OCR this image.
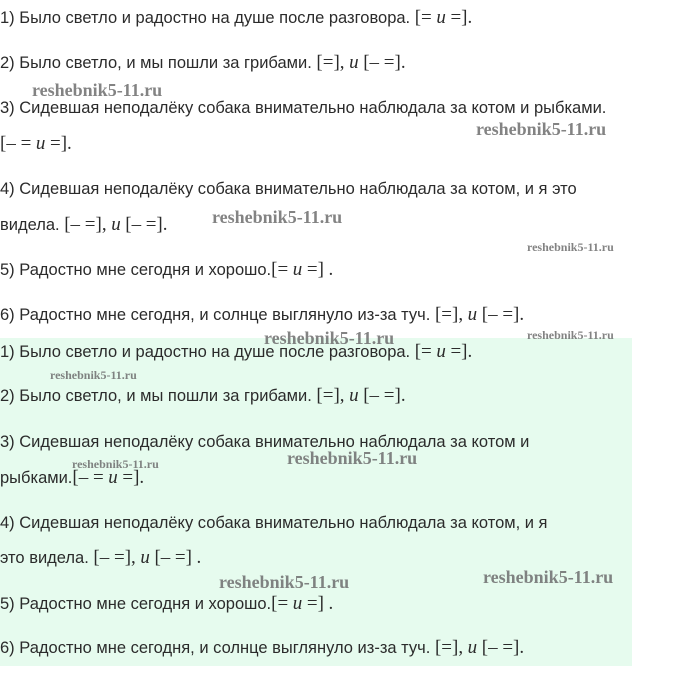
1) Было светло и радостно на душе после разговора. [= и =].
2) Было светло, и мы пошли за грибами. [=], и [– =].
3) Сидевшая неподалёку собака внимательно наблюдала за котом и рыбками.
[– = и =].
4) Сидевшая неподалёку собака внимательно наблюдала за котом, и я это
видела. [– =], и [– =].
5) Радостно мне сегодня и хорошо.[= и =] .
6) Радостно мне сегодня, и солнце выглянуло из-за туч. [=], и [– =].
1) Было светло и радостно на душе после разговора. [= и =].
2) Было светло, и мы пошли за грибами. [=], и [– =].
3) Сидевшая неподалёку собака внимательно наблюдала за котом и
рыбками.[– = и =].
4) Сидевшая неподалёку собака внимательно наблюдала за котом, и я
это видела. [– =], и [– =] .
5) Радостно мне сегодня и хорошо.[= и =] .
6) Радостно мне сегодня, и солнце выглянуло из-за туч. [=], и [– =].
reshebnik5-11.ru
reshebnik5-11.ru
reshebnik5-11.ru
reshebnik5-11.ru
reshebnik5-11.ru	reshebnik5-11.ru
reshebnik5-11.ru
reshebnik5-11.ru	reshebnik5-11.ru
reshebnik5-11.ru	reshebnik5-11.ru
